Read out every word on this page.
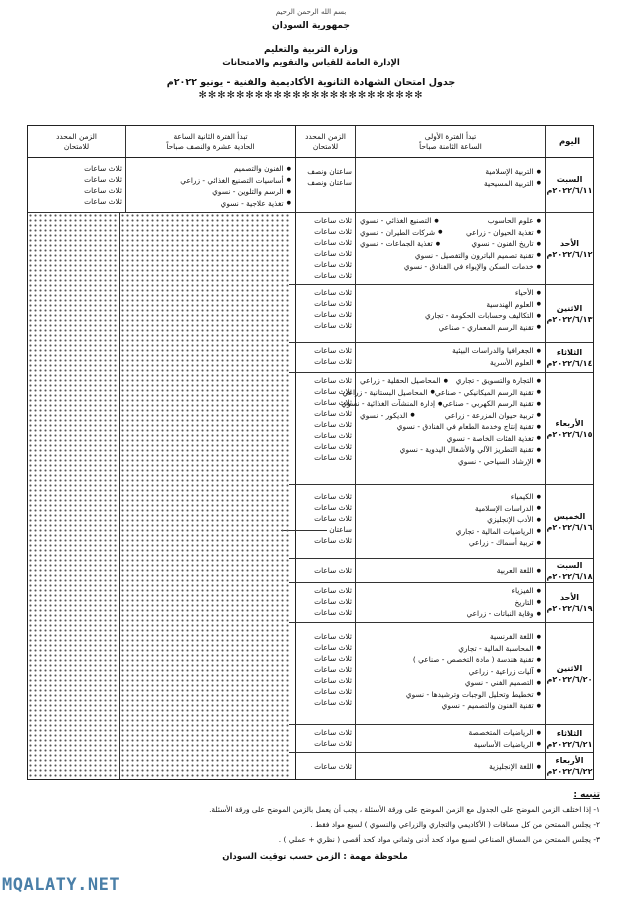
بسم الله الرحمن الرحيم
جمهورية السودان
وزارة التربية والتعليم
الإدارة العامة للقياس والتقويم والامتحانات
جدول امتحان الشهادة الثانوية الأكاديمية والفنية - يونيو ٢٠٢٢م
✻✻✻✻✻✻✻✻✻✻✻✻✻✻✻✻✻✻✻✻✻✻✻✻
اليوم
تبدأ الفترة الأولى
الساعة الثامنة صباحاً
الزمن المحدد
للامتحان
تبدأ الفترة الثانية الساعة
الحادية عشرة والنصف صباحاً
الزمن المحدد
للامتحان
السبت
٢٠٢٢/٦/١١م
● التربية الإسلامية
● التربية المسيحية
ساعتان ونصف
ساعتان ونصف
● الفنون والتصميم
● أساسيات التصنيع الغذائي - زراعي
● الرسم والتلوين - نسوي
● تغذية علاجية - نسوي
ثلاث ساعات
ثلاث ساعات
ثلاث ساعات
ثلاث ساعات
الأحد
٢٠٢٢/٦/١٢م
● علوم الحاسوب
● التصنيع الغذائي - نسوي
● تغذية الحيوان - زراعي
● شركات الطيران - نسوي
● تاريخ الفنون - نسوي
● تغذية الجماعات - نسوي
● تقنية تصميم الباترون والتفصيل - نسوي
● خدمات السكن والإيواء في الفنادق - نسوي
ثلاث ساعات
ثلاث ساعات
ثلاث ساعات
ثلاث ساعات
ثلاث ساعات
ثلاث ساعات
الاثنين
٢٠٢٢/٦/١٣م
● الأحياء
● العلوم الهندسية
● التكاليف وحسابات الحكومة - تجاري
● تقنية الرسم المعماري - صناعي
ثلاث ساعات
ثلاث ساعات
ثلاث ساعات
ثلاث ساعات
الثلاثاء
٢٠٢٢/٦/١٤م
● الجغرافيا والدراسات البيئية
● العلوم الأسرية
ثلاث ساعات
ثلاث ساعات
الأربعاء
٢٠٢٢/٦/١٥م
● التجارة والتسويق - تجاري
● المحاصيل الحقلية - زراعي
● تقنية الرسم الميكانيكي - صناعي
● المحاصيل البستانية - زراعي
● تقنية الرسم الكهربي - صناعي
● إدارة المنشآت الغذائية - نسوي
● تربية حيوان المزرعة - زراعي
● الديكور - نسوي
● تقنية إنتاج وخدمة الطعام في الفنادق - نسوي
● تغذية الفئات الخاصة - نسوي
● تقنية التطريز الآلي والأشغال اليدوية - نسوي
● الإرشاد السياحي - نسوي
ثلاث ساعات
ثلاث ساعات
ثلاث ساعات
ثلاث ساعات
ثلاث ساعات
ثلاث ساعات
ثلاث ساعات
ثلاث ساعات
الخميس
٢٠٢٢/٦/١٦م
● الكيمياء
● الدراسات الإسلامية
● الأدب الإنجليزي
● الرياضيات المالية - تجاري
● تربية أسماك - زراعي
ثلاث ساعات
ثلاث ساعات
ثلاث ساعات
ساعتان
ثلاث ساعات
السبت
٢٠٢٢/٦/١٨م
● اللغة العربية
ثلاث ساعات
الأحد
٢٠٢٢/٦/١٩م
● الفيزياء
● التاريخ
● وقاية النباتات - زراعي
ثلاث ساعات
ثلاث ساعات
ثلاث ساعات
الاثنين
٢٠٢٢/٦/٢٠م
● اللغة الفرنسية
● المحاسبة المالية - تجاري
● تقنية هندسة ( مادة التخصص - صناعي )
● آليات زراعية - زراعي
● التصميم الفني - نسوي
● تخطيط وتحليل الوجبات وترشيدها - نسوي
● تقنية الفنون والتصميم - نسوي
ثلاث ساعات
ثلاث ساعات
ثلاث ساعات
ثلاث ساعات
ثلاث ساعات
ثلاث ساعات
ثلاث ساعات
الثلاثاء
٢٠٢٢/٦/٢١م
● الرياضيات المتخصصة
● الرياضيات الأساسية
ثلاث ساعات
ثلاث ساعات
الأربعاء
٢٠٢٢/٦/٢٢م
● اللغة الإنجليزية
ثلاث ساعات
تنبيه :
١- إذا اختلف الزمن الموضح على الجدول مع الزمن الموضح على ورقة الأسئلة ، يجب أن يعمل بالزمن الموضح على ورقة الأسئلة.
٢- يجلس الممتحن من كل مساقات ( الأكاديمي والتجاري والزراعي والنسوي ) لسبع مواد فقط .
٣- يجلس الممتحن من المساق الصناعي لسبع مواد كحد أدنى وثماني مواد كحد أقصى ( نظري + عملي ) .
ملحوظة مهمة : الزمن حسب توقيت السودان
MQALATY.NET
